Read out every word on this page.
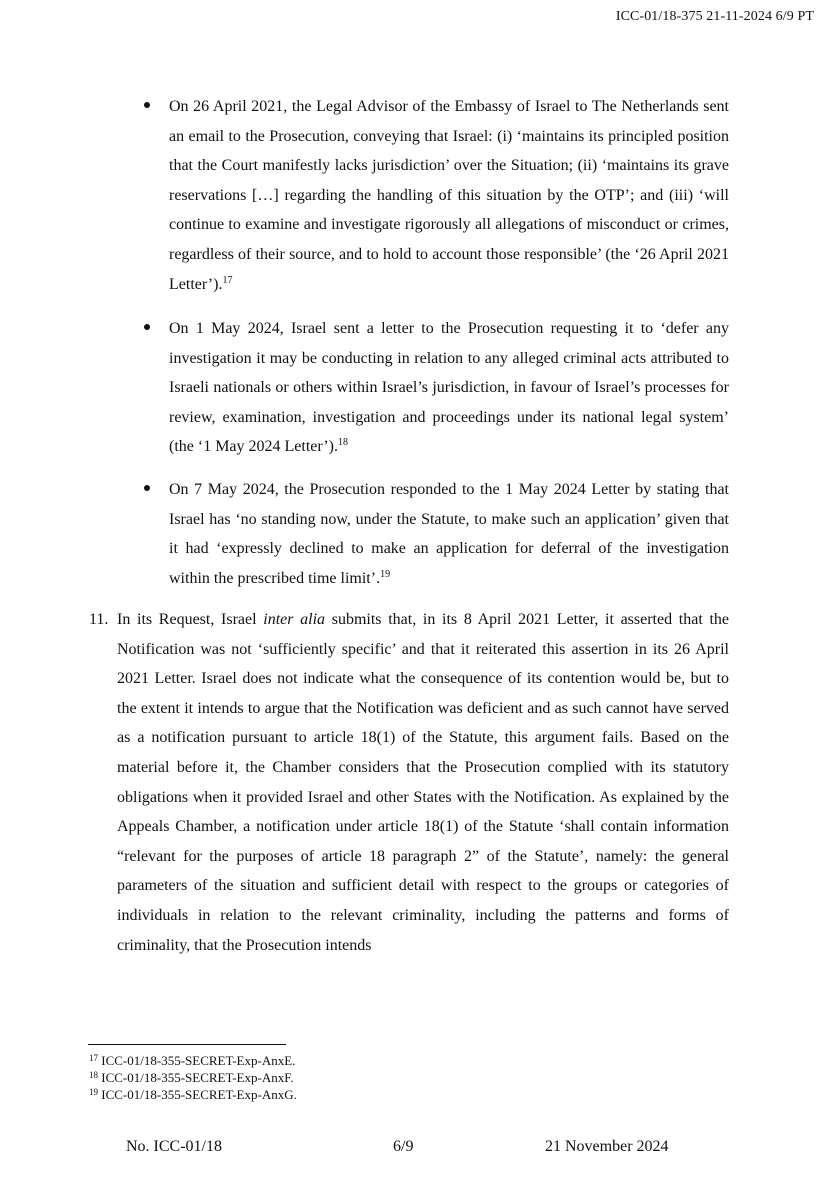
ICC-01/18-375 21-11-2024 6/9 PT
On 26 April 2021, the Legal Advisor of the Embassy of Israel to The Netherlands sent an email to the Prosecution, conveying that Israel: (i) ‘maintains its principled position that the Court manifestly lacks jurisdiction’ over the Situation; (ii) ‘maintains its grave reservations […] regarding the handling of this situation by the OTP’; and (iii) ‘will continue to examine and investigate rigorously all allegations of misconduct or crimes, regardless of their source, and to hold to account those responsible’ (the ‘26 April 2021 Letter’).$^{17}$
On 1 May 2024, Israel sent a letter to the Prosecution requesting it to ‘defer any investigation it may be conducting in relation to any alleged criminal acts attributed to Israeli nationals or others within Israel’s jurisdiction, in favour of Israel’s processes for review, examination, investigation and proceedings under its national legal system’ (the ‘1 May 2024 Letter’).$^{18}$
On 7 May 2024, the Prosecution responded to the 1 May 2024 Letter by stating that Israel has ‘no standing now, under the Statute, to make such an application’ given that it had ‘expressly declined to make an application for deferral of the investigation within the prescribed time limit’.$^{19}$
11. In its Request, Israel inter alia submits that, in its 8 April 2021 Letter, it asserted that the Notification was not ‘sufficiently specific’ and that it reiterated this assertion in its 26 April 2021 Letter. Israel does not indicate what the consequence of its contention would be, but to the extent it intends to argue that the Notification was deficient and as such cannot have served as a notification pursuant to article 18(1) of the Statute, this argument fails. Based on the material before it, the Chamber considers that the Prosecution complied with its statutory obligations when it provided Israel and other States with the Notification. As explained by the Appeals Chamber, a notification under article 18(1) of the Statute ‘shall contain information “relevant for the purposes of article 18 paragraph 2” of the Statute’, namely: the general parameters of the situation and sufficient detail with respect to the groups or categories of individuals in relation to the relevant criminality, including the patterns and forms of criminality, that the Prosecution intends
$^{17}$ ICC-01/18-355-SECRET-Exp-AnxE.
$^{18}$ ICC-01/18-355-SECRET-Exp-AnxF.
$^{19}$ ICC-01/18-355-SECRET-Exp-AnxG.
No. ICC-01/18	6/9	21 November 2024
